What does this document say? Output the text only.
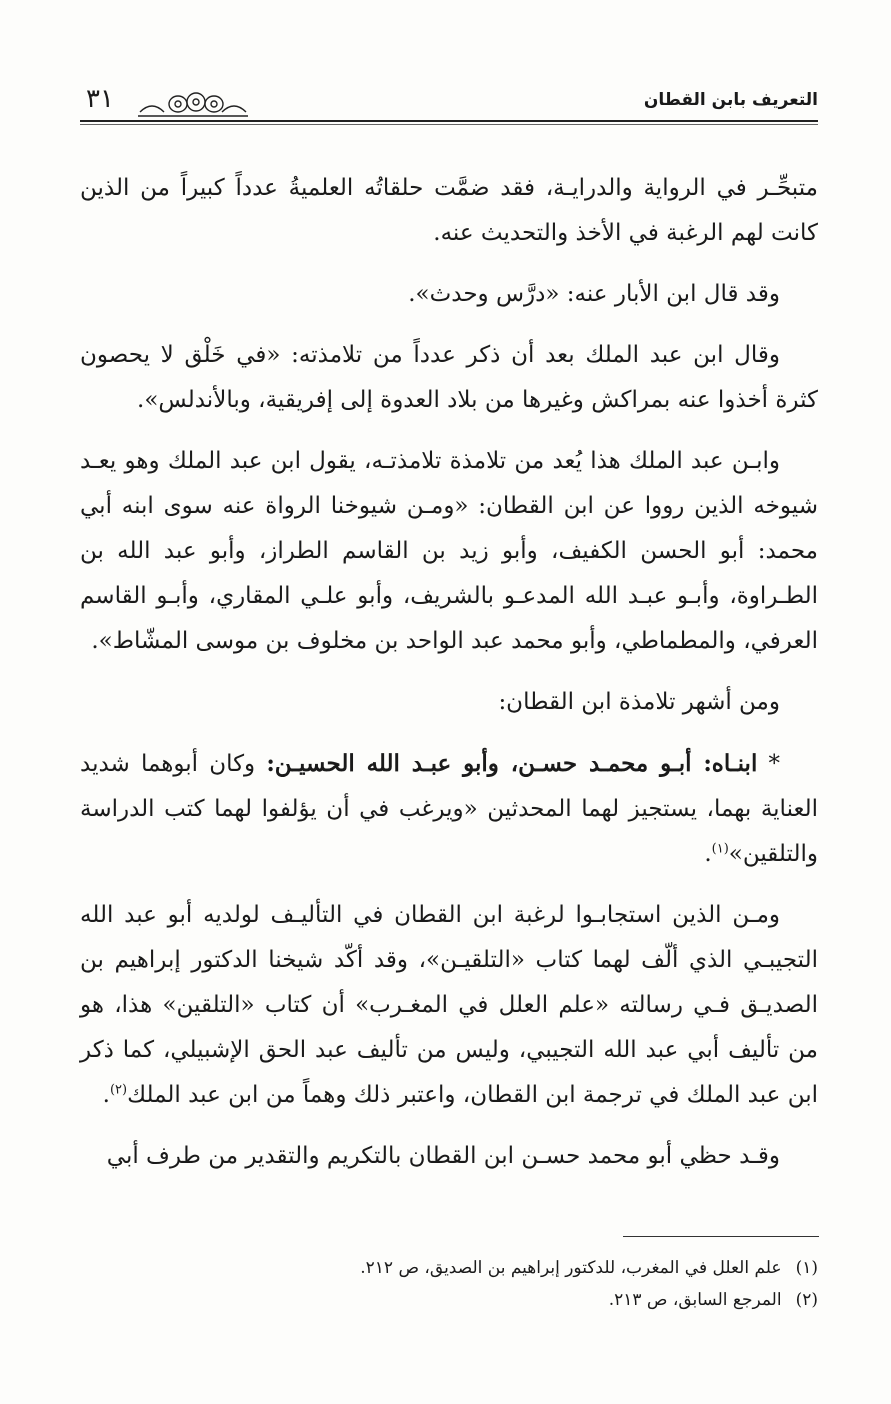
التعريف بابن القطان
٣١

متبحِّـر في الرواية والدرايـة، فقد ضمَّت حلقاتُه العلميةُ عدداً كبيراً من الذين كانت لهم الرغبة في الأخذ والتحديث عنه.

وقد قال ابن الأبار عنه: «درَّس وحدث».

وقال ابن عبد الملك بعد أن ذكر عدداً من تلامذته: «في خَلْق لا يحصون كثرة أخذوا عنه بمراكش وغيرها من بلاد العدوة إلى إفريقية، وبالأندلس».

وابـن عبد الملك هذا يُعد من تلامذة تلامذتـه، يقول ابن عبد الملك وهو يعـد شيوخه الذين رووا عن ابن القطان: «ومـن شيوخنا الرواة عنه سوى ابنه أبي محمد: أبو الحسن الكفيف، وأبو زيد بن القاسم الطراز، وأبو عبد الله بن الطـراوة، وأبـو عبـد الله المدعـو بالشريف، وأبو علـي المقاري، وأبـو القاسم العرفي، والمطماطي، وأبو محمد عبد الواحد بن مخلوف بن موسى المشّاط».

ومن أشهر تلامذة ابن القطان:

* ابنـاه: أبـو محمـد حسـن، وأبو عبـد الله الحسيـن: وكان أبوهما شديد العناية بهما، يستجيز لهما المحدثين «ويرغب في أن يؤلفوا لهما كتب الدراسة والتلقين»$^{(١)}$.

ومـن الذين استجابـوا لرغبة ابن القطان في التأليـف لولديه أبو عبد الله التجيبـي الذي ألّف لهما كتاب «التلقيـن»، وقد أكّد شيخنا الدكتور إبراهيم بن الصديـق فـي رسالته «علم العلل في المغـرب» أن كتاب «التلقين» هذا، هو من تأليف أبي عبد الله التجيبي، وليس من تأليف عبد الحق الإشبيلي، كما ذكر ابن عبد الملك في ترجمة ابن القطان، واعتبر ذلك وهماً من ابن عبد الملك$^{(٢)}$.

وقـد حظي أبو محمد حسـن ابن القطان بالتكريم والتقدير من طرف أبي

(١)علم العلل في المغرب، للدكتور إبراهيم بن الصديق، ص ٢١٢.
(٢)المرجع السابق، ص ٢١٣.
